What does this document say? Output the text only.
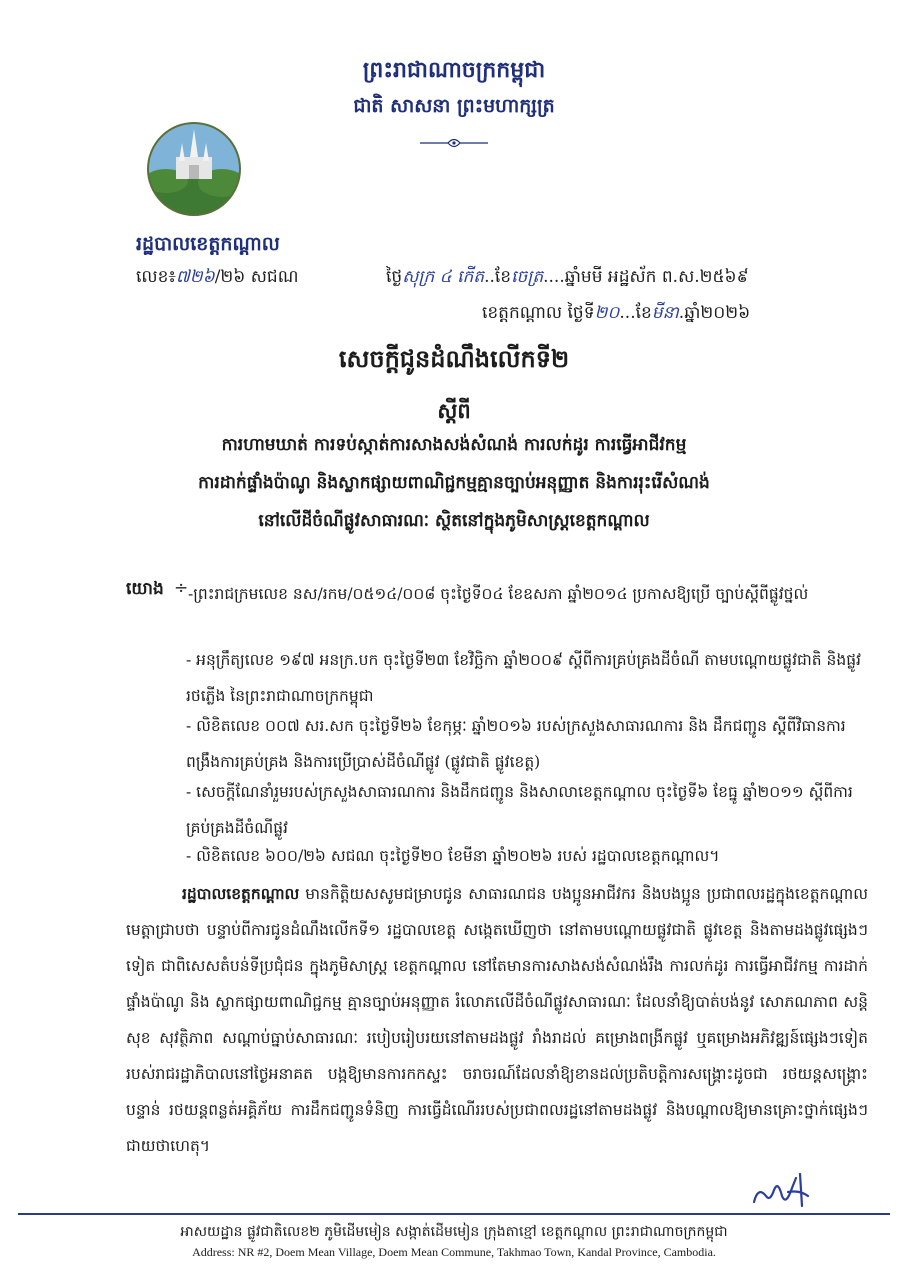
ព្រះរាជាណាចក្រកម្ពុជា
ជាតិ សាសនា ព្រះមហាក្សត្រ
រដ្ឋបាលខេត្តកណ្ដាល
លេខ៖៧២៦/២៦ សជណ	ថ្ងៃសុក្រ ៤ កើត..ខែចេត្រ....ឆ្នាំមមី អដ្ឋស័ក ព.ស.២៥៦៩
ខេត្តកណ្ដាល ថ្ងៃទី២០...ខែមីនា.ឆ្នាំ២០២៦
សេចក្ដីជូនដំណឹងលើកទី២
ស្ដីពី
ការហាមឃាត់ ការទប់ស្កាត់ការសាងសង់សំណង់ ការលក់ដូរ ការធ្វើអាជីវកម្ម
ការដាក់ផ្ទាំងប៉ាណូ និងស្លាកផ្សាយពាណិជ្ជកម្មគ្មានច្បាប់អនុញ្ញាត និងការរុះរើសំណង់
នៅលើដីចំណីផ្លូវសាធារណៈ ស្ថិតនៅក្នុងភូមិសាស្ត្រខេត្តកណ្ដាល
យោង ÷ -ព្រះរាជក្រមលេខ នស/រកម/០៥១៤/០០៨ ចុះថ្ងៃទី០៤ ខែឧសភា ឆ្នាំ២០១៤ ប្រកាសឱ្យប្រើ ច្បាប់ស្ដីពីផ្លូវថ្នល់
- អនុក្រឹត្យលេខ ១៩៧ អនក្រ.បក ចុះថ្ងៃទី២៣ ខែវិច្ឆិកា ឆ្នាំ២០០៩ ស្ដីពីការគ្រប់គ្រងដីចំណី តាមបណ្ដោយផ្លូវជាតិ និងផ្លូវរថភ្លើង នៃព្រះរាជាណាចក្រកម្ពុជា
- លិខិតលេខ ០០៧ សរ.សក ចុះថ្ងៃទី២៦ ខែកុម្ភៈ ឆ្នាំ២០១៦ របស់ក្រសួងសាធារណការ និង ដឹកជញ្ជូន ស្ដីពីវិធានការពង្រឹងការគ្រប់គ្រង និងការប្រើប្រាស់ដីចំណីផ្លូវ (ផ្លូវជាតិ ផ្លូវខេត្ត)
- សេចក្ដីណែនាំរួមរបស់ក្រសួងសាធារណការ និងដឹកជញ្ជូន និងសាលាខេត្តកណ្ដាល ចុះថ្ងៃទី៦ ខែធ្នូ ឆ្នាំ២០១១ ស្ដីពីការគ្រប់គ្រងដីចំណីផ្លូវ
- លិខិតលេខ ៦០០/២៦ សជណ ចុះថ្ងៃទី២០ ខែមីនា ឆ្នាំ២០២៦ របស់ រដ្ឋបាលខេត្តកណ្ដាល។
រដ្ឋបាលខេត្តកណ្ដាល មានកិត្តិយសសូមជម្រាបជូន សាធារណជន បងប្អូនអាជីវករ និងបងប្អូន ប្រជាពលរដ្ឋក្នុងខេត្តកណ្ដាល មេត្តាជ្រាបថា បន្ទាប់ពីការជូនដំណឹងលើកទី១ រដ្ឋបាលខេត្ត សង្កេតឃើញថា នៅតាមបណ្ដោយផ្លូវជាតិ ផ្លូវខេត្ត និងតាមដងផ្លូវផ្សេងៗទៀត ជាពិសេសតំបន់ទីប្រជុំជន ក្នុងភូមិសាស្ត្រ ខេត្តកណ្ដាល នៅតែមានការសាងសង់សំណង់រឹង ការលក់ដូរ ការធ្វើអាជីវកម្ម ការដាក់ផ្ទាំងប៉ាណូ និង ស្លាកផ្សាយពាណិជ្ជកម្ម គ្មានច្បាប់អនុញ្ញាត រំលោភលើដីចំណីផ្លូវសាធារណៈ ដែលនាំឱ្យបាត់បង់នូវ សោភណភាព សន្តិសុខ សុវត្ថិភាព សណ្ដាប់ធ្នាប់សាធារណៈ របៀបរៀបរយនៅតាមដងផ្លូវ រាំងរាដល់ គម្រោងពង្រីកផ្លូវ ឬគម្រោងអភិវឌ្ឍន៍ផ្សេងៗទៀតរបស់រាជរដ្ឋាភិបាលនៅថ្ងៃអនាគត បង្កឱ្យមានការកកស្ទះ ចរាចរណ៍ដែលនាំឱ្យខានដល់ប្រតិបត្តិការសង្គ្រោះដូចជា រថយន្តសង្គ្រោះបន្ទាន់ រថយន្តពន្លត់អគ្គិភ័យ ការដឹកជញ្ជូនទំនិញ ការធ្វើដំណើររបស់ប្រជាពលរដ្ឋនៅតាមដងផ្លូវ និងបណ្ដាលឱ្យមានគ្រោះថ្នាក់ផ្សេងៗ ជាយថាហេតុ។
អាសយដ្ឋាន ផ្លូវជាតិលេខ២ ភូមិដើមមៀន សង្កាត់ដើមមៀន ក្រុងតាខ្មៅ ខេត្តកណ្ដាល ព្រះរាជាណាចក្រកម្ពុជា
Address: NR #2, Doem Mean Village, Doem Mean Commune, Takhmao Town, Kandal Province, Cambodia.
